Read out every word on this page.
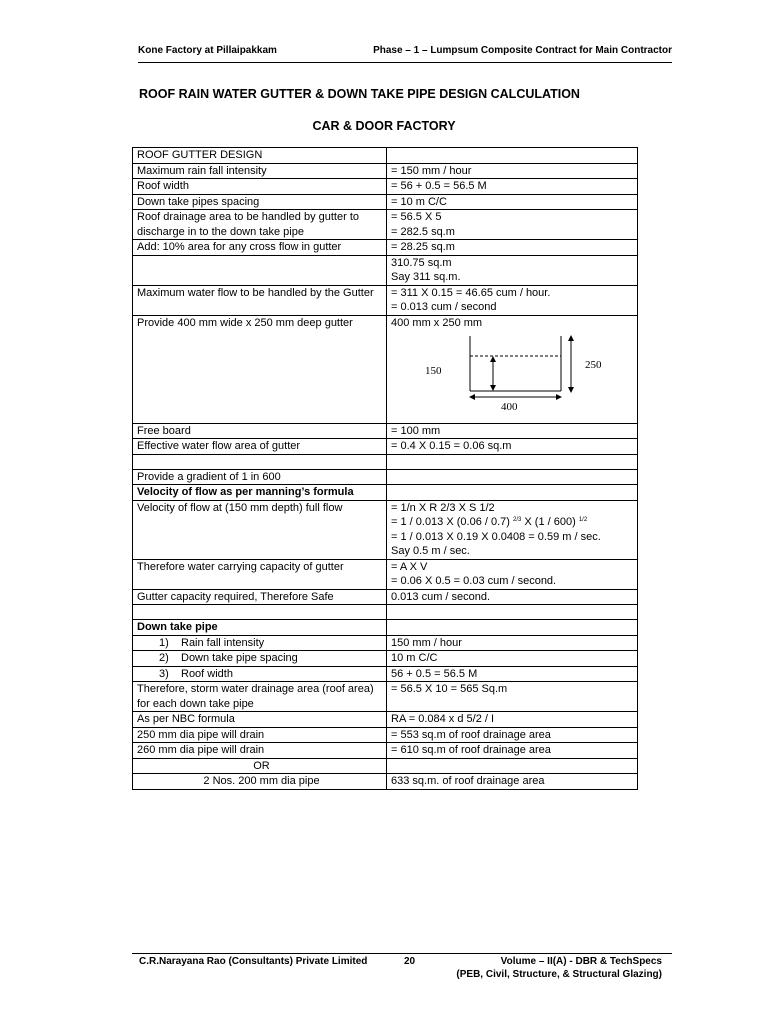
Kone Factory at Pillaipakkam	Phase – 1 – Lumpsum Composite Contract for Main Contractor
ROOF RAIN WATER GUTTER & DOWN TAKE PIPE DESIGN CALCULATION
CAR & DOOR FACTORY
ROOF GUTTER DESIGN	
Maximum rain fall intensity	= 150 mm / hour
Roof width	= 56 + 0.5 = 56.5 M
Down take pipes spacing	= 10 m C/C
Roof drainage area to be handled by gutter to discharge in to the down take pipe	= 56.5 X 5
= 282.5 sq.m

Add: 10% area for any cross flow in gutter	= 28.25 sq.m

	310.75 sq.m
Say 311 sq.m.

Maximum water flow to be handled by the Gutter	= 311 X 0.15 = 46.65 cum / hour.
= 0.013 cum / second

Provide 400 mm wide x 250 mm deep gutter	400 mm x 250 mm
150 250
400

Free board	= 100 mm
Effective water flow area of gutter	= 0.4 X 0.15 = 0.06 sq.m

Provide a gradient of 1 in 600	
Velocity of flow as per manning’s formula	
Velocity of flow at (150 mm depth) full flow	= 1/n X R 2/3 X S 1/2
= 1 / 0.013 X (0.06 / 0.7) $^{2/3}$ X (1 / 600) $^{1/2}$
= 1 / 0.013 X 0.19 X 0.0408 = 0.59 m / sec.
Say 0.5 m / sec.

Therefore water carrying capacity of gutter	= A X V
= 0.06 X 0.5 = 0.03 cum / second.

Gutter capacity required, Therefore Safe	0.013 cum / second.

Down take pipe	
1) Rain fall intensity	150 mm / hour
2) Down take pipe spacing	10 m C/C
3) Roof width	56 + 0.5 = 56.5 M
Therefore, storm water drainage area (roof area) for each down take pipe	= 56.5 X 10 = 565 Sq.m
As per NBC formula	RA = 0.084 x d 5/2 / I
250 mm dia pipe will drain	= 553 sq.m of roof drainage area
260 mm dia pipe will drain	= 610 sq.m of roof drainage area
OR	
2 Nos. 200 mm dia pipe	633 sq.m. of roof drainage area
C.R.Narayana Rao (Consultants) Private Limited	20	Volume – II(A) - DBR & TechSpecs
(PEB, Civil, Structure, & Structural Glazing)
